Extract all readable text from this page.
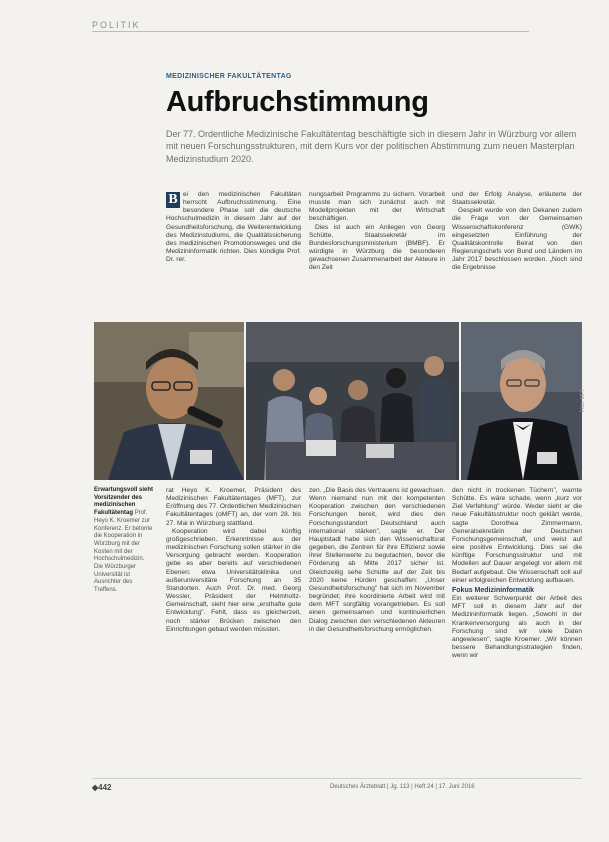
POLITIK
MEDIZINISCHER FAKULTÄTENTAG
Aufbruchstimmung
Der 77. Ordentliche Medizinische Fakultätentag beschäftigte sich in diesem Jahr in Würzburg vor allem mit neuen Forschungsstrukturen, mit dem Kurs vor der politischen Abstimmung zum neuen Masterplan Medizinstudium 2020.

B ei den medizinischen Fakultäten herrscht Aufbruchsstimmung. Eine besondere Phase soll die deutsche Hochschulmedizin in diesem Jahr auf der Gesundheitsforschung, die Weiterentwicklung des Medizinstudiums, die Qualitätssicherung des medizinischen Promotionsweges und die Medizininformatik richten. Dies kündigte Prof. Dr. rer.

nungsarbeit Programms zu sichern. Vorarbeit musste man sich zunächst auch mit Modellprojekten mit der Wirtschaft beschäftigen.

Dies ist auch ein Anliegen von Georg Schütte, Staatssekretär im Bundesforschungsministerium (BMBF). Er würdigte in Würzburg die besonderen gewachsenen Zusammenarbeit der Akteure in den Zeit

und der Erfolg Analyse, erläuterte der Staatssekretär.

Gespielt wurde von den Dekanen zudem die Frage von der Gemeinsamen Wissenschaftskonferenz (GWK) eingesetzten Einführung der Qualitätskontrolle Beirat von den Regierungschefs von Bund und Ländern im Jahr 2017 beschlossen worden. „Noch sind die Ergebnisse

Foto: MFT
Erwartungsvoll sieht Vorsitzender des medizinischen Fakultätentag Prof. Heyo K. Kroemer zur Konferenz. Er betonte die Kooperation in Würzburg mit der Kosten mit der Hochschulmedizin. Die Würzburger Universität ist Ausrichter des Treffens.

rat Heyo K. Kroemer, Präsident des Medizinischen Fakultätentages (MFT), zur Eröffnung des 77. Ordentlichen Medizinischen Fakultätentages (oMFT) an, der vom 28. bis 27. Mai in Würzburg stattfand.

Kooperation wird dabei künftig großgeschrieben. Erkenntnisse aus der medizinischen Forschung sollen stärker in die Versorgung gebracht werden. Kooperation gebe es aber bereits auf verschiedenen Ebenen: etwa Universitätsklinika und außeruniversitäre Forschung an 35 Standorten. Auch Prof. Dr. med. Georg Wessler, Präsident der Helmholtz-Gemeinschaft, sieht hier eine „ersthafte gute Entwicklung". Fehlt, dass es gleicherzeit, noch stärker Brücken zwischen den Einrichtungen gebaut werden müssten.

zen. „Die Basis des Vertrauens ist gewachsen. Wenn niemand nun mit der kompetenten Kooperation zwischen den verschiedenen Forschungen bereit, wird dies den Forschungsstandort Deutschland auch international stärken", sagte er. Der Hauptstadt habe sich den Wissenschaftsrat gegeben, die Zentren für ihre Effizienz sowie ihrer Stellenwerte zu begutachten, bevor die Förderung ab Mitte 2017 sicher ist. Gleichzeitig sehe Schütte auf der Zeit bis 2020 keine Hürden geschaffen: „Unser Gesundheitsforschung" hat sich im November begründet; ihre koordinierte Arbeit wird mit dem MFT sorgfältig vorangetrieben. Es soll einen gemeinsamen und kontinuierlichen Dialog zwischen den verschiedenen Akteuren in der Gesundheitsforschung ermöglichen.

den nicht in trockenen Tüchern", warnte Schütte. Es wäre schade, wenn „kurz vor Ziel Verfehlung" würde. Weder sieht er die neue Fakultätsstruktur noch geklärt werde, sagte Dorothea Zimmermann, Generalsekretärin der Deutschen Forschungsgemeinschaft, und weist auf eine positive Entwicklung. Dies sei die künftige Forschungsstruktur und mit Modellen auf Dauer angelegt vor allem mit Bedarf aufgebaut. Die Wissenschaft soll auf einer erfolgreichen Entwicklung aufbauen.

Fokus Medizininformatik

Ein weiterer Schwerpunkt der Arbeit des MFT soll in diesem Jahr auf der Medizininformatik liegen. „Sowohl in der Krankenversorgung als auch in der Forschung sind wir viele Daten angewiesen", sagte Kroemer. „Wir können bessere Behandlungsstrategien finden, wenn wir

◆442	Deutsches Ärzteblatt | Jg. 113 | Heft 24 | 17. Juni 2016
